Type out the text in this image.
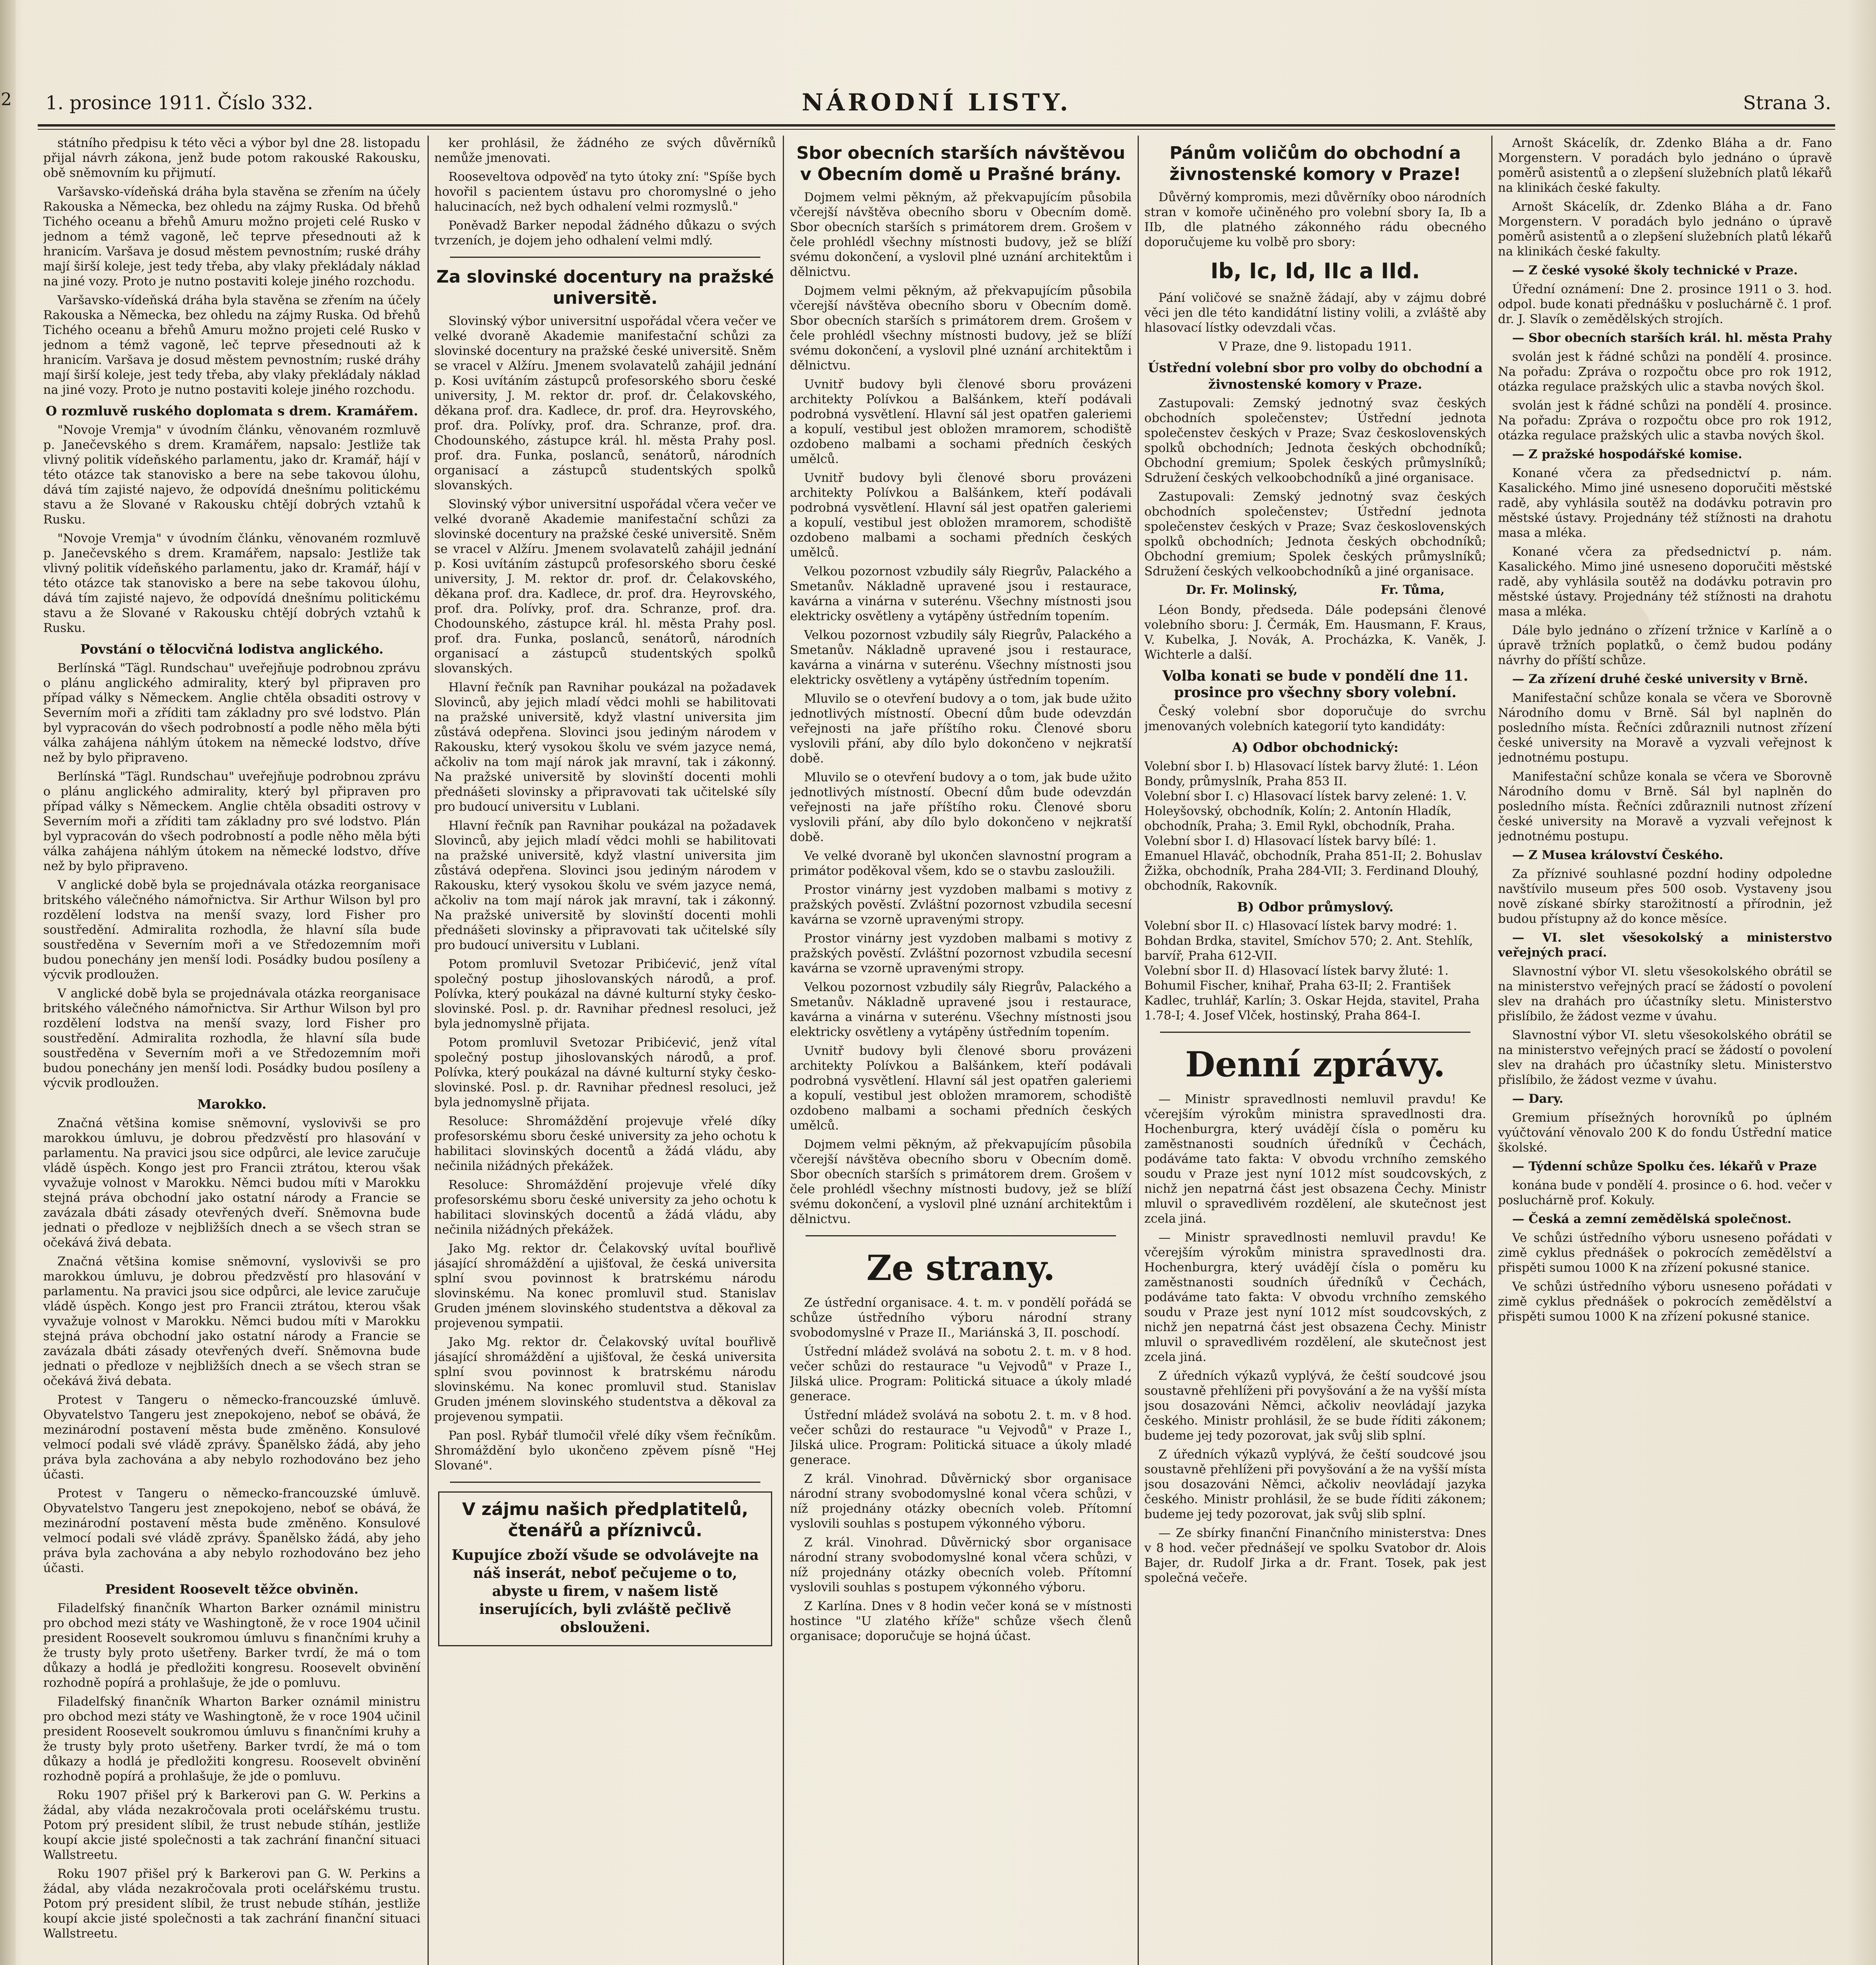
2 1. prosince 1911. Číslo 332.	NÁRODNÍ LISTY.	Strana 3.

státního předpisu k této věci a výbor byl dne 28. listopadu přijal návrh zákona, jenž bude potom rakouské Rakousku, obě sněmovním ku přijmutí.

Varšavsko-vídeňská dráha byla stavěna se zřením na účely Rakouska a Německa, bez ohledu na zájmy Ruska. Od břehů Tichého oceanu a břehů Amuru možno projeti celé Rusko v jednom a témž vagoně, leč teprve přesednouti až k hranicím. Varšava je dosud městem pevnostním; ruské dráhy mají širší koleje, jest tedy třeba, aby vlaky překládaly náklad na jiné vozy. Proto je nutno postaviti koleje jiného rozchodu.

Varšavsko-vídeňská dráha byla stavěna se zřením na účely Rakouska a Německa, bez ohledu na zájmy Ruska. Od břehů Tichého oceanu a břehů Amuru možno projeti celé Rusko v jednom a témž vagoně, leč teprve přesednouti až k hranicím. Varšava je dosud městem pevnostním; ruské dráhy mají širší koleje, jest tedy třeba, aby vlaky překládaly náklad na jiné vozy. Proto je nutno postaviti koleje jiného rozchodu.

O rozmluvě ruského doplomata s drem. Kramářem.

"Novoje Vremja" v úvodním článku, věnovaném rozmluvě p. Janečevského s drem. Kramářem, napsalo: Jestliže tak vlivný politik vídeňského parlamentu, jako dr. Kramář, hájí v této otázce tak stanovisko a bere na sebe takovou úlohu, dává tím zajisté najevo, že odpovídá dnešnímu politickému stavu a že Slované v Rakousku chtějí dobrých vztahů k Rusku.

"Novoje Vremja" v úvodním článku, věnovaném rozmluvě p. Janečevského s drem. Kramářem, napsalo: Jestliže tak vlivný politik vídeňského parlamentu, jako dr. Kramář, hájí v této otázce tak stanovisko a bere na sebe takovou úlohu, dává tím zajisté najevo, že odpovídá dnešnímu politickému stavu a že Slované v Rakousku chtějí dobrých vztahů k Rusku.

Povstání o tělocvičná lodistva anglického.

Berlínská "Tägl. Rundschau" uveřejňuje podrobnou zprávu o plánu anglického admirality, který byl připraven pro případ války s Německem. Anglie chtěla obsaditi ostrovy v Severním moři a zříditi tam základny pro své lodstvo. Plán byl vypracován do všech podrobností a podle něho měla býti válka zahájena náhlým útokem na německé lodstvo, dříve než by bylo připraveno.

Berlínská "Tägl. Rundschau" uveřejňuje podrobnou zprávu o plánu anglického admirality, který byl připraven pro případ války s Německem. Anglie chtěla obsaditi ostrovy v Severním moři a zříditi tam základny pro své lodstvo. Plán byl vypracován do všech podrobností a podle něho měla býti válka zahájena náhlým útokem na německé lodstvo, dříve než by bylo připraveno.

V anglické době byla se projednávala otázka reorganisace britského válečného námořnictva. Sir Arthur Wilson byl pro rozdělení lodstva na menší svazy, lord Fisher pro soustředění. Admiralita rozhodla, že hlavní síla bude soustředěna v Severním moři a ve Středozemním moři budou ponechány jen menší lodi. Posádky budou posíleny a výcvik prodloužen.

V anglické době byla se projednávala otázka reorganisace britského válečného námořnictva. Sir Arthur Wilson byl pro rozdělení lodstva na menší svazy, lord Fisher pro soustředění. Admiralita rozhodla, že hlavní síla bude soustředěna v Severním moři a ve Středozemním moři budou ponechány jen menší lodi. Posádky budou posíleny a výcvik prodloužen.

Marokko.

Značná většina komise sněmovní, vyslovivši se pro marokkou úmluvu, je dobrou předzvěstí pro hlasování v parlamentu. Na pravici jsou sice odpůrci, ale levice zaručuje vládě úspěch. Kongo jest pro Francii ztrátou, kterou však vyvažuje volnost v Marokku. Němci budou míti v Marokku stejná práva obchodní jako ostatní národy a Francie se zavázala dbáti zásady otevřených dveří. Sněmovna bude jednati o předloze v nejbližších dnech a se všech stran se očekává živá debata.

Značná většina komise sněmovní, vyslovivši se pro marokkou úmluvu, je dobrou předzvěstí pro hlasování v parlamentu. Na pravici jsou sice odpůrci, ale levice zaručuje vládě úspěch. Kongo jest pro Francii ztrátou, kterou však vyvažuje volnost v Marokku. Němci budou míti v Marokku stejná práva obchodní jako ostatní národy a Francie se zavázala dbáti zásady otevřených dveří. Sněmovna bude jednati o předloze v nejbližších dnech a se všech stran se očekává živá debata.

Protest v Tangeru o německo-francouzské úmluvě. Obyvatelstvo Tangeru jest znepokojeno, neboť se obává, že mezinárodní postavení města bude změněno. Konsulové velmocí podali své vládě zprávy. Španělsko žádá, aby jeho práva byla zachována a aby nebylo rozhodováno bez jeho účasti.

Protest v Tangeru o německo-francouzské úmluvě. Obyvatelstvo Tangeru jest znepokojeno, neboť se obává, že mezinárodní postavení města bude změněno. Konsulové velmocí podali své vládě zprávy. Španělsko žádá, aby jeho práva byla zachována a aby nebylo rozhodováno bez jeho účasti.

President Roosevelt těžce obviněn.

Filadelfský finančník Wharton Barker oznámil ministru pro obchod mezi státy ve Washingtoně, že v roce 1904 učinil president Roosevelt soukromou úmluvu s finančními kruhy a že trusty byly proto ušetřeny. Barker tvrdí, že má o tom důkazy a hodlá je předložiti kongresu. Roosevelt obvinění rozhodně popírá a prohlašuje, že jde o pomluvu.

Filadelfský finančník Wharton Barker oznámil ministru pro obchod mezi státy ve Washingtoně, že v roce 1904 učinil president Roosevelt soukromou úmluvu s finančními kruhy a že trusty byly proto ušetřeny. Barker tvrdí, že má o tom důkazy a hodlá je předložiti kongresu. Roosevelt obvinění rozhodně popírá a prohlašuje, že jde o pomluvu.

Roku 1907 přišel prý k Barkerovi pan G. W. Perkins a žádal, aby vláda nezakročovala proti ocelářskému trustu. Potom prý president slíbil, že trust nebude stíhán, jestliže koupí akcie jisté společnosti a tak zachrání finanční situaci Wallstreetu.

Roku 1907 přišel prý k Barkerovi pan G. W. Perkins a žádal, aby vláda nezakročovala proti ocelářskému trustu. Potom prý president slíbil, že trust nebude stíhán, jestliže koupí akcie jisté společnosti a tak zachrání finanční situaci Wallstreetu.

ker prohlásil, že žádného ze svých důvěrníků nemůže jmenovati.

Rooseveltova odpověď na tyto útoky zní: "Spíše bych hovořil s pacientem ústavu pro choromyslné o jeho halucinacích, než bych odhalení velmi rozmyslů."

Poněvadž Barker nepodal žádného důkazu o svých tvrzeních, je dojem jeho odhalení velmi mdlý.

Za slovinské docentury na pražské universitě.

Slovinský výbor universitní uspořádal včera večer ve velké dvoraně Akademie manifestační schůzi za slovinské docentury na pražské české universitě. Sněm se vracel v Alžíru. Jmenem svolavatelů zahájil jednání p. Kosi uvítáním zástupců profesorského sboru české university, J. M. rektor dr. prof. dr. Čelakovského, děkana prof. dra. Kadlece, dr. prof. dra. Heyrovského, prof. dra. Polívky, prof. dra. Schranze, prof. dra. Chodounského, zástupce král. hl. města Prahy posl. prof. dra. Funka, poslanců, senátorů, národních organisací a zástupců studentských spolků slovanských.

Slovinský výbor universitní uspořádal včera večer ve velké dvoraně Akademie manifestační schůzi za slovinské docentury na pražské české universitě. Sněm se vracel v Alžíru. Jmenem svolavatelů zahájil jednání p. Kosi uvítáním zástupců profesorského sboru české university, J. M. rektor dr. prof. dr. Čelakovského, děkana prof. dra. Kadlece, dr. prof. dra. Heyrovského, prof. dra. Polívky, prof. dra. Schranze, prof. dra. Chodounského, zástupce král. hl. města Prahy posl. prof. dra. Funka, poslanců, senátorů, národních organisací a zástupců studentských spolků slovanských.

Hlavní řečník pan Ravnihar poukázal na požadavek Slovinců, aby jejich mladí vědci mohli se habilitovati na pražské universitě, když vlastní universita jim zůstává odepřena. Slovinci jsou jediným národem v Rakousku, který vysokou školu ve svém jazyce nemá, ačkoliv na tom mají nárok jak mravní, tak i zákonný. Na pražské universitě by slovinští docenti mohli přednášeti slovinsky a připravovati tak učitelské síly pro budoucí universitu v Lublani.

Hlavní řečník pan Ravnihar poukázal na požadavek Slovinců, aby jejich mladí vědci mohli se habilitovati na pražské universitě, když vlastní universita jim zůstává odepřena. Slovinci jsou jediným národem v Rakousku, který vysokou školu ve svém jazyce nemá, ačkoliv na tom mají nárok jak mravní, tak i zákonný. Na pražské universitě by slovinští docenti mohli přednášeti slovinsky a připravovati tak učitelské síly pro budoucí universitu v Lublani.

Potom promluvil Svetozar Pribićević, jenž vítal společný postup jihoslovanských národů, a prof. Polívka, který poukázal na dávné kulturní styky česko-slovinské. Posl. p. dr. Ravnihar přednesl resoluci, jež byla jednomyslně přijata.

Potom promluvil Svetozar Pribićević, jenž vítal společný postup jihoslovanských národů, a prof. Polívka, který poukázal na dávné kulturní styky česko-slovinské. Posl. p. dr. Ravnihar přednesl resoluci, jež byla jednomyslně přijata.

Resoluce: Shromáždění projevuje vřelé díky profesorskému sboru české university za jeho ochotu k habilitaci slovinských docentů a žádá vládu, aby nečinila nižádných překážek.

Resoluce: Shromáždění projevuje vřelé díky profesorskému sboru české university za jeho ochotu k habilitaci slovinských docentů a žádá vládu, aby nečinila nižádných překážek.

Jako Mg. rektor dr. Čelakovský uvítal bouřlivě jásající shromáždění a ujišťoval, že česká universita splní svou povinnost k bratrskému národu slovinskému. Na konec promluvil stud. Stanislav Gruden jménem slovinského studentstva a děkoval za projevenou sympatii.

Jako Mg. rektor dr. Čelakovský uvítal bouřlivě jásající shromáždění a ujišťoval, že česká universita splní svou povinnost k bratrskému národu slovinskému. Na konec promluvil stud. Stanislav Gruden jménem slovinského studentstva a děkoval za projevenou sympatii.

Pan posl. Rybář tlumočil vřelé díky všem řečníkům. Shromáždění bylo ukončeno zpěvem písně "Hej Slované".

V zájmu našich předplatitelů, čtenářů a příznivců.

Kupujíce zboží všude se odvolávejte na náš inserát, neboť pečujeme o to, abyste u firem, v našem listě inserujících, byli zvláště pečlivě obslouženi.

Sbor obecních starších návštěvou v Obecním domě u Prašné brány.

Dojmem velmi pěkným, až překvapujícím působila včerejší návštěva obecního sboru v Obecním domě. Sbor obecních starších s primátorem drem. Grošem v čele prohlédl všechny místnosti budovy, jež se blíží svému dokončení, a vyslovil plné uznání architektům i dělnictvu.

Dojmem velmi pěkným, až překvapujícím působila včerejší návštěva obecního sboru v Obecním domě. Sbor obecních starších s primátorem drem. Grošem v čele prohlédl všechny místnosti budovy, jež se blíží svému dokončení, a vyslovil plné uznání architektům i dělnictvu.

Uvnitř budovy byli členové sboru provázeni architekty Polívkou a Balšánkem, kteří podávali podrobná vysvětlení. Hlavní sál jest opatřen galeriemi a kopulí, vestibul jest obložen mramorem, schodiště ozdobeno malbami a sochami předních českých umělců.

Uvnitř budovy byli členové sboru provázeni architekty Polívkou a Balšánkem, kteří podávali podrobná vysvětlení. Hlavní sál jest opatřen galeriemi a kopulí, vestibul jest obložen mramorem, schodiště ozdobeno malbami a sochami předních českých umělců.

Velkou pozornost vzbudily sály Riegrův, Palackého a Smetanův. Nákladně upravené jsou i restaurace, kavárna a vinárna v suterénu. Všechny místnosti jsou elektricky osvětleny a vytápěny ústředním topením.

Velkou pozornost vzbudily sály Riegrův, Palackého a Smetanův. Nákladně upravené jsou i restaurace, kavárna a vinárna v suterénu. Všechny místnosti jsou elektricky osvětleny a vytápěny ústředním topením.

Mluvilo se o otevření budovy a o tom, jak bude užito jednotlivých místností. Obecní dům bude odevzdán veřejnosti na jaře příštího roku. Členové sboru vyslovili přání, aby dílo bylo dokončeno v nejkratší době.

Mluvilo se o otevření budovy a o tom, jak bude užito jednotlivých místností. Obecní dům bude odevzdán veřejnosti na jaře příštího roku. Členové sboru vyslovili přání, aby dílo bylo dokončeno v nejkratší době.

Ve velké dvoraně byl ukončen slavnostní program a primátor poděkoval všem, kdo se o stavbu zasloužili.

Prostor vinárny jest vyzdoben malbami s motivy z pražských pověstí. Zvláštní pozornost vzbudila secesní kavárna se vzorně upravenými stropy.

Prostor vinárny jest vyzdoben malbami s motivy z pražských pověstí. Zvláštní pozornost vzbudila secesní kavárna se vzorně upravenými stropy.

Velkou pozornost vzbudily sály Riegrův, Palackého a Smetanův. Nákladně upravené jsou i restaurace, kavárna a vinárna v suterénu. Všechny místnosti jsou elektricky osvětleny a vytápěny ústředním topením.

Uvnitř budovy byli členové sboru provázeni architekty Polívkou a Balšánkem, kteří podávali podrobná vysvětlení. Hlavní sál jest opatřen galeriemi a kopulí, vestibul jest obložen mramorem, schodiště ozdobeno malbami a sochami předních českých umělců.

Dojmem velmi pěkným, až překvapujícím působila včerejší návštěva obecního sboru v Obecním domě. Sbor obecních starších s primátorem drem. Grošem v čele prohlédl všechny místnosti budovy, jež se blíží svému dokončení, a vyslovil plné uznání architektům i dělnictvu.

Ze strany.

Ze ústřední organisace. 4. t. m. v pondělí pořádá se schůze ústředního výboru národní strany svobodomyslné v Praze II., Mariánská 3, II. poschodí.

Ústřední mládež svolává na sobotu 2. t. m. v 8 hod. večer schůzi do restaurace "u Vejvodů" v Praze I., Jilská ulice. Program: Politická situace a úkoly mladé generace.

Ústřední mládež svolává na sobotu 2. t. m. v 8 hod. večer schůzi do restaurace "u Vejvodů" v Praze I., Jilská ulice. Program: Politická situace a úkoly mladé generace.

Z král. Vinohrad. Důvěrnický sbor organisace národní strany svobodomyslné konal včera schůzi, v níž projednány otázky obecních voleb. Přítomní vyslovili souhlas s postupem výkonného výboru.

Z král. Vinohrad. Důvěrnický sbor organisace národní strany svobodomyslné konal včera schůzi, v níž projednány otázky obecních voleb. Přítomní vyslovili souhlas s postupem výkonného výboru.

Z Karlína. Dnes v 8 hodin večer koná se v místnosti hostince "U zlatého kříže" schůze všech členů organisace; doporučuje se hojná účast.

Pánům voličům do obchodní a živnostenské komory v Praze!

Důvěrný kompromis, mezi důvěrníky oboo národních stran v komoře učiněného pro volební sbory Ia, Ib a IIb, dle platného zákonného rádu obecného doporučujeme ku volbě pro sbory:

Ib, Ic, Id, IIc a IId.

Pání voličové se snažně žádají, aby v zájmu dobré věci jen dle této kandidátní listiny volili, a zvláště aby hlasovací lístky odevzdali včas.

V Praze, dne 9. listopadu 1911.

Ústřední volební sbor pro volby do obchodní a živnostenské komory v Praze.

Zastupovali: Zemský jednotný svaz českých obchodních společenstev; Ústřední jednota společenstev českých v Praze; Svaz československých spolků obchodních; Jednota českých obchodníků; Obchodní gremium; Spolek českých průmyslníků; Sdružení českých velkoobchodníků a jiné organisace.

Zastupovali: Zemský jednotný svaz českých obchodních společenstev; Ústřední jednota společenstev českých v Praze; Svaz československých spolků obchodních; Jednota českých obchodníků; Obchodní gremium; Spolek českých průmyslníků; Sdružení českých velkoobchodníků a jiné organisace.

Dr. Fr. Molinský,	Fr. Tůma,

Léon Bondy, předseda. Dále podepsáni členové volebního sboru: J. Čermák, Em. Hausmann, F. Kraus, V. Kubelka, J. Novák, A. Procházka, K. Vaněk, J. Wichterle a další.

Volba konati se bude v pondělí dne 11. prosince pro všechny sbory volební.

Český volební sbor doporučuje do svrchu jmenovaných volebních kategorií tyto kandidáty:

A) Odbor obchodnický:

Volební sbor I. b) Hlasovací lístek barvy žluté: 1. Léon Bondy, průmyslník, Praha 853 II.

Volební sbor I. c) Hlasovací lístek barvy zelené: 1. V. Holeyšovský, obchodník, Kolín; 2. Antonín Hladík, obchodník, Praha; 3. Emil Rykl, obchodník, Praha.

Volební sbor I. d) Hlasovací lístek barvy bílé: 1. Emanuel Hlaváč, obchodník, Praha 851-II; 2. Bohuslav Žižka, obchodník, Praha 284-VII; 3. Ferdinand Dlouhý, obchodník, Rakovník.

B) Odbor průmyslový.

Volební sbor II. c) Hlasovací lístek barvy modré: 1. Bohdan Brdka, stavitel, Smíchov 570; 2. Ant. Stehlík, barvíř, Praha 612-VII.

Volební sbor II. d) Hlasovací lístek barvy žluté: 1. Bohumil Fischer, knihař, Praha 63-II; 2. František Kadlec, truhlář, Karlín; 3. Oskar Hejda, stavitel, Praha 1.78-I; 4. Josef Vlček, hostinský, Praha 864-I.

Denní zprávy.

— Ministr spravedlnosti nemluvil pravdu! Ke včerejším výrokům ministra spravedlnosti dra. Hochenburgra, který uvádějí čísla o poměru ku zaměstnanosti soudních úředníků v Čechách, podáváme tato fakta: V obvodu vrchního zemského soudu v Praze jest nyní 1012 míst soudcovských, z nichž jen nepatrná část jest obsazena Čechy. Ministr mluvil o spravedlivém rozdělení, ale skutečnost jest zcela jiná.

— Ministr spravedlnosti nemluvil pravdu! Ke včerejším výrokům ministra spravedlnosti dra. Hochenburgra, který uvádějí čísla o poměru ku zaměstnanosti soudních úředníků v Čechách, podáváme tato fakta: V obvodu vrchního zemského soudu v Praze jest nyní 1012 míst soudcovských, z nichž jen nepatrná část jest obsazena Čechy. Ministr mluvil o spravedlivém rozdělení, ale skutečnost jest zcela jiná.

Z úředních výkazů vyplývá, že čeští soudcové jsou soustavně přehlíženi při povyšování a že na vyšší místa jsou dosazováni Němci, ačkoliv neovládají jazyka českého. Ministr prohlásil, že se bude říditi zákonem; budeme jej tedy pozorovat, jak svůj slib splní.

Z úředních výkazů vyplývá, že čeští soudcové jsou soustavně přehlíženi při povyšování a že na vyšší místa jsou dosazováni Němci, ačkoliv neovládají jazyka českého. Ministr prohlásil, že se bude říditi zákonem; budeme jej tedy pozorovat, jak svůj slib splní.

— Ze sbírky finanční Finančního ministerstva: Dnes v 8 hod. večer přednášejí ve spolku Svatobor dr. Alois Bajer, dr. Rudolf Jirka a dr. Frant. Tosek, pak jest společná večeře.

Arnošt Skácelík, dr. Zdenko Bláha a dr. Fano Morgenstern. V poradách bylo jednáno o úpravě poměrů asistentů a o zlepšení služebních platů lékařů na klinikách české fakulty.

Arnošt Skácelík, dr. Zdenko Bláha a dr. Fano Morgenstern. V poradách bylo jednáno o úpravě poměrů asistentů a o zlepšení služebních platů lékařů na klinikách české fakulty.

— Z české vysoké školy technické v Praze.

Úřední oznámení: Dne 2. prosince 1911 o 3. hod. odpol. bude konati přednášku v posluchárně č. 1 prof. dr. J. Slavík o zemědělských strojích.

— Sbor obecních starších král. hl. města Prahy

svolán jest k řádné schůzi na pondělí 4. prosince. Na pořadu: Zpráva o rozpočtu obce pro rok 1912, otázka regulace pražských ulic a stavba nových škol.

svolán jest k řádné schůzi na pondělí 4. prosince. Na pořadu: Zpráva o rozpočtu obce pro rok 1912, otázka regulace pražských ulic a stavba nových škol.

— Z pražské hospodářské komise.

Konané včera za předsednictví p. nám. Kasalického. Mimo jiné usneseno doporučiti městské radě, aby vyhlásila soutěž na dodávku potravin pro městské ústavy. Projednány též stížnosti na drahotu masa a mléka.

Konané včera za předsednictví p. nám. Kasalického. Mimo jiné usneseno doporučiti městské radě, aby vyhlásila soutěž na dodávku potravin pro městské ústavy. Projednány též stížnosti na drahotu masa a mléka.

Dále bylo jednáno o zřízení tržnice v Karlíně a o úpravě tržních poplatků, o čemž budou podány návrhy do příští schůze.

— Za zřízení druhé české university v Brně.

Manifestační schůze konala se včera ve Sborovně Národního domu v Brně. Sál byl naplněn do posledního místa. Řečníci zdůraznili nutnost zřízení české university na Moravě a vyzvali veřejnost k jednotnému postupu.

Manifestační schůze konala se včera ve Sborovně Národního domu v Brně. Sál byl naplněn do posledního místa. Řečníci zdůraznili nutnost zřízení české university na Moravě a vyzvali veřejnost k jednotnému postupu.

— Z Musea království Českého.

Za příznivé souhlasné pozdní hodiny odpoledne navštívilo museum přes 500 osob. Vystaveny jsou nově získané sbírky starožitností a přírodnin, jež budou přístupny až do konce měsíce.

— VI. slet všesokolský a ministerstvo veřejných prací.

Slavnostní výbor VI. sletu všesokolského obrátil se na ministerstvo veřejných prací se žádostí o povolení slev na drahách pro účastníky sletu. Ministerstvo přislíbilo, že žádost vezme v úvahu.

Slavnostní výbor VI. sletu všesokolského obrátil se na ministerstvo veřejných prací se žádostí o povolení slev na drahách pro účastníky sletu. Ministerstvo přislíbilo, že žádost vezme v úvahu.

— Dary.

Gremium přísežných horovníků po úplném vyúčtování věnovalo 200 K do fondu Ústřední matice školské.

— Týdenní schůze Spolku čes. lékařů v Praze

konána bude v pondělí 4. prosince o 6. hod. večer v posluchárně prof. Kokuly.

— Česká a zemní zemědělská společnost.

Ve schůzi ústředního výboru usneseno pořádati v zimě cyklus přednášek o pokrocích zemědělství a přispěti sumou 1000 K na zřízení pokusné stanice.

Ve schůzi ústředního výboru usneseno pořádati v zimě cyklus přednášek o pokrocích zemědělství a přispěti sumou 1000 K na zřízení pokusné stanice.
